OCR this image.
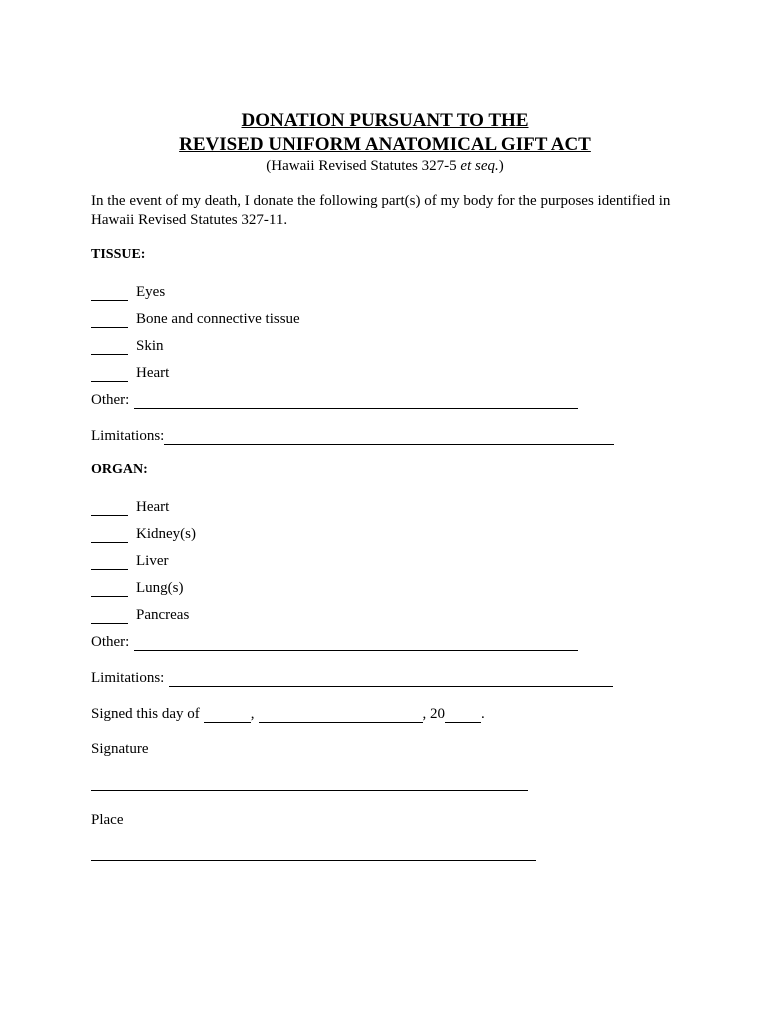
DONATION PURSUANT TO THE
REVISED UNIFORM ANATOMICAL GIFT ACT
(Hawaii Revised Statutes 327-5 et seq.)
In the event of my death, I donate the following part(s) of my body for the purposes identified in Hawaii Revised Statutes 327-11.
TISSUE:
Eyes
Bone and connective tissue
Skin
Heart
Other:
Limitations:
ORGAN:
Heart
Kidney(s)
Liver
Lung(s)
Pancreas
Other:
Limitations:
Signed this day of	,	, 20 .
Signature
Place
